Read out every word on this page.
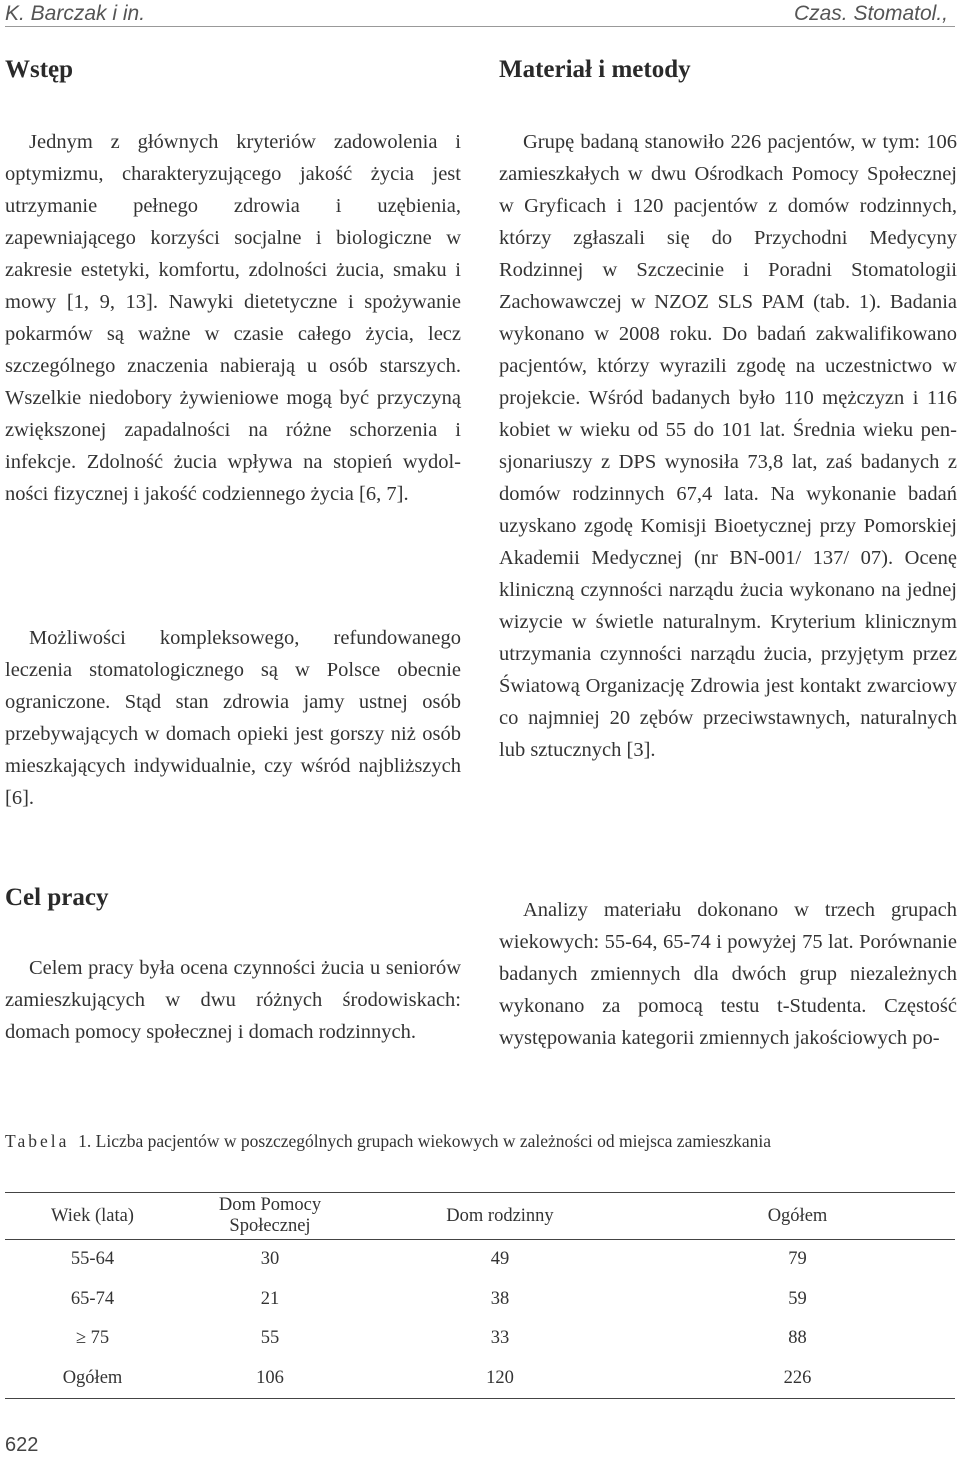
K. Barczak i in.	Czas. Stomatol.,
Wstęp

Jednym z głównych kryteriów zadowolenia i optymizmu, charakteryzującego jakość życia jest utrzymanie pełnego zdrowia i uzębienia, zapewniającego korzyści socjalne i biologiczne w zakresie estetyki, komfortu, zdolności żucia, smaku i mowy [1, 9, 13]. Nawyki dietetyczne i spożywanie pokarmów są ważne w czasie całego życia, lecz szczególnego znaczenia nabierają u osób starszych. Wszelkie niedobory żywieniowe mogą być przyczyną zwiększonej zapadalności na różne schorzenia i infekcje. Zdolność żucia wpływa na stopień wydolności fizycznej i jakość codziennego życia [6, 7].

Możliwości kompleksowego, refundowanego leczenia stomatologicznego są w Polsce obecnie ograniczone. Stąd stan zdrowia jamy ustnej osób przebywających w domach opieki jest gorszy niż osób mieszkających indywidualnie, czy wśród najbliższych [6].

Cel pracy

Celem pracy była ocena czynności żucia u seniorów zamieszkujących w dwu różnych środowiskach: domach pomocy społecznej i domach rodzinnych.

Materiał i metody

Grupę badaną stanowiło 226 pacjentów, w tym: 106 zamieszkałych w dwu Ośrodkach Pomocy Społecznej w Gryficach i 120 pacjentów z domów rodzinnych, którzy zgłaszali się do Przychodni Medycyny Rodzinnej w Szczecinie i Poradni Stomatologii Zachowawczej w NZOZ SLS PAM (tab. 1). Badania wykonano w 2008 roku. Do badań zakwalifikowano pacjentów, którzy wyrazili zgodę na uczestnictwo w projekcie. Wśród badanych było 110 mężczyzn i 116 kobiet w wieku od 55 do 101 lat. Średnia wieku pensjonariuszy z DPS wynosiła 73,8 lat, zaś badanych z domów rodzinnych 67,4 lata. Na wykonanie badań uzyskano zgodę Komisji Bioetycznej przy Pomorskiej Akademii Medycznej (nr BN-001/ 137/ 07). Ocenę kliniczną czynności narządu żucia wykonano na jednej wizycie w świetle naturalnym. Kryterium klinicznym utrzymania czynności narządu żucia, przyjętym przez Światową Organizację Zdrowia jest kontakt zwarciowy co najmniej 20 zębów przeciwstawnych, naturalnych lub sztucznych [3].

Analizy materiału dokonano w trzech grupach wiekowych: 55-64, 65-74 i powyżej 75 lat. Porównanie badanych zmiennych dla dwóch grup niezależnych wykonano za pomocą testu t-Studenta. Częstość występowania kategorii zmiennych jakościowych po-

Tabela 1. Liczba pacjentów w poszczególnych grupach wiekowych w zależności od miejsca zamieszkania

Wiek (lata)	Dom Pomocy Społecznej	Dom rodzinny	Ogółem
55-64	30	49	79
65-74	21	38	59
≥ 75	55	33	88
Ogółem	106	120	226
622
